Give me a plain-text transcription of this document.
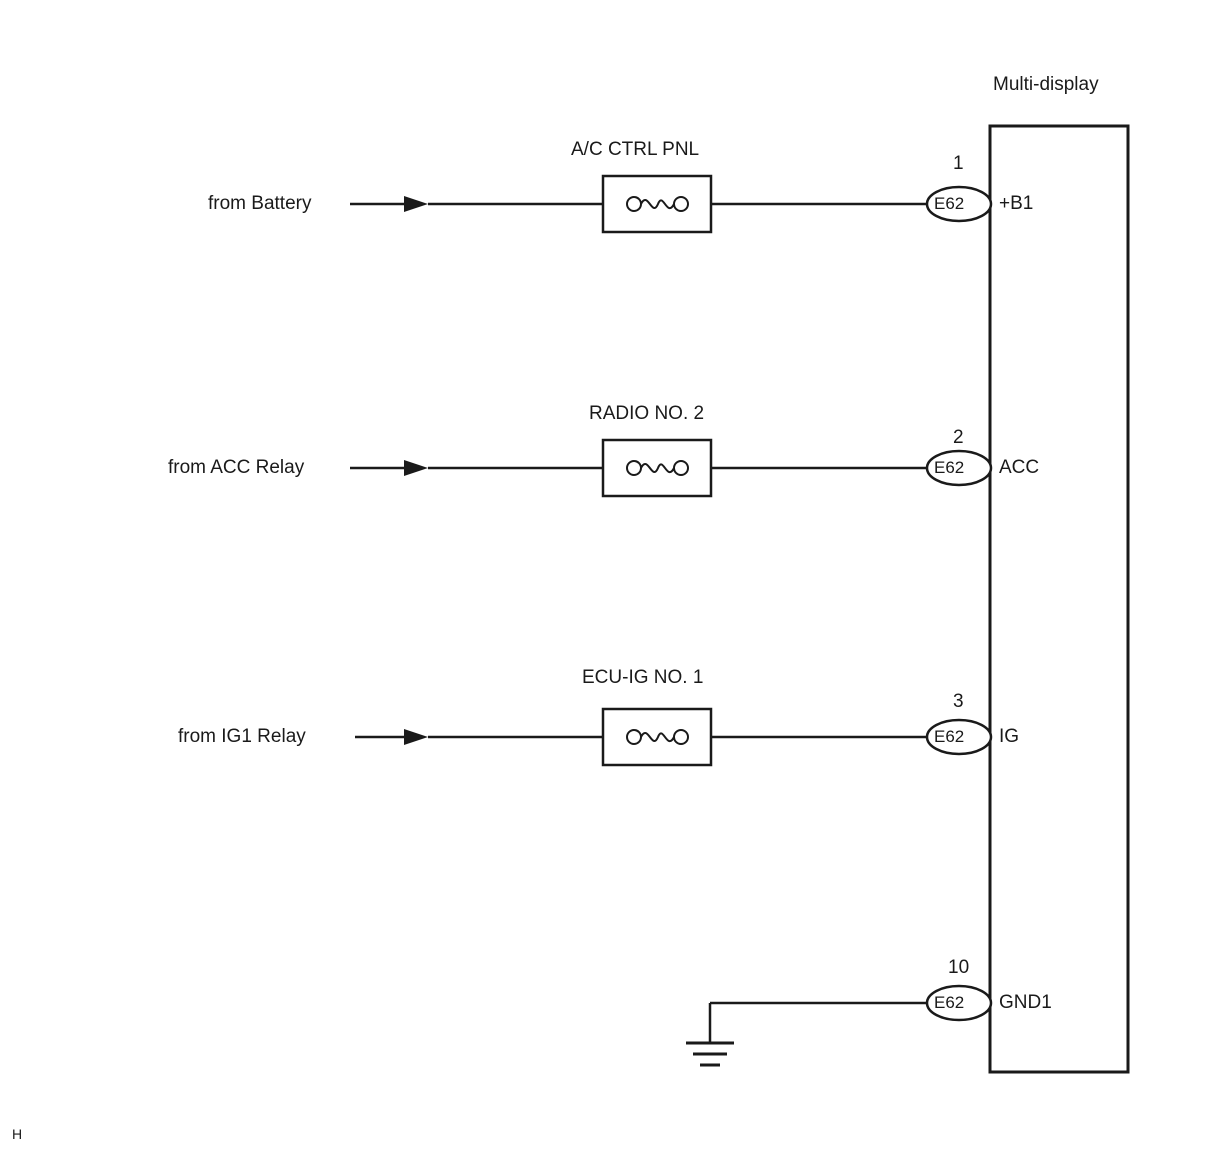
Multi-display
from Battery
A/C CTRL PNL
1
E62 +B1
from ACC Relay
RADIO NO. 2
2
E62 ACC
from IG1 Relay
ECU-IG NO. 1
3
E62 IG
10
E62 GND1
H
